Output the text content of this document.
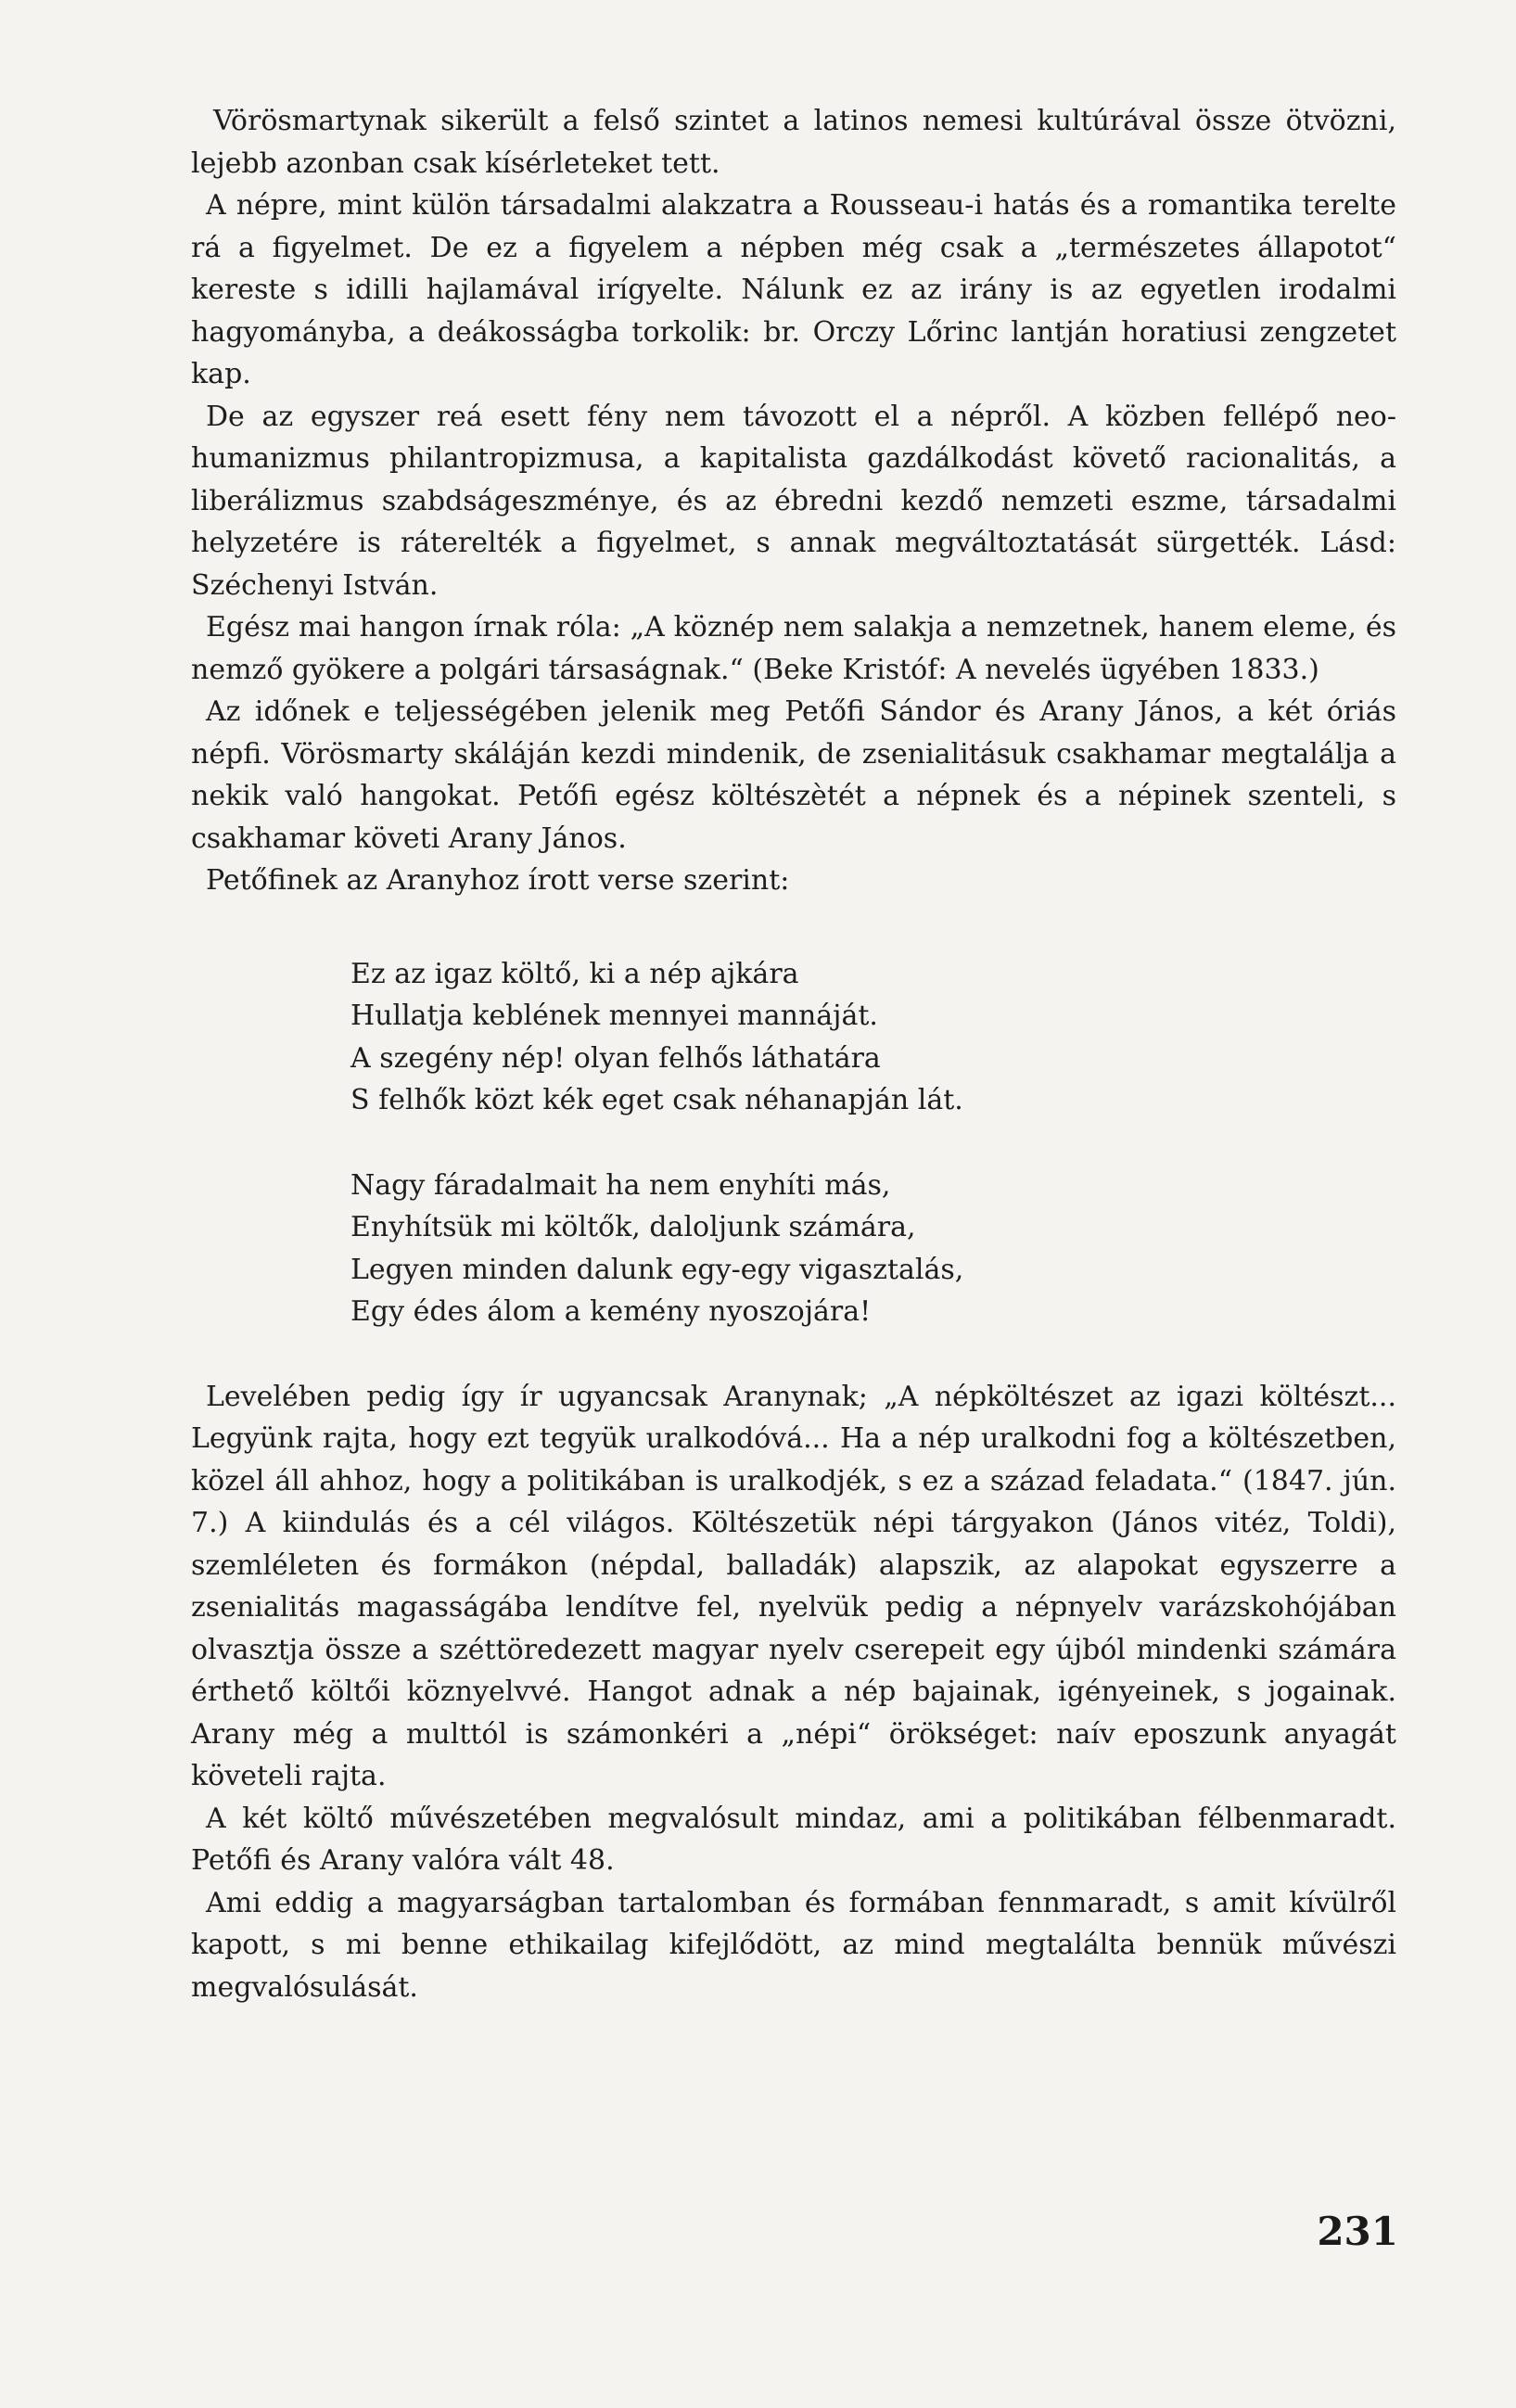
Vörösmartynak sikerült a felső szintet a latinos nemesi kultúrával össze ötvözni, lejebb azonban csak kísérleteket tett.

A népre, mint külön társadalmi alakzatra a Rousseau-i hatás és a romantika terelte rá a figyelmet. De ez a figyelem a népben még csak a „természetes állapotot“ kereste s idilli hajlamával irígyelte. Nálunk ez az irány is az egyetlen irodalmi hagyományba, a deákosságba torkolik: br. Orczy Lőrinc lantján horatiusi zengzetet kap.

De az egyszer reá esett fény nem távozott el a népről. A közben fellépő neo-humanizmus philantropizmusa, a kapitalista gazdálkodást követő racionalitás, a liberálizmus szabdságeszménye, és az ébredni kezdő nemzeti eszme, társadalmi helyzetére is ráterelték a figyelmet, s annak megváltoztatását sürgették. Lásd: Széchenyi István.

Egész mai hangon írnak róla: „A köznép nem salakja a nemzetnek, hanem eleme, és nemző gyökere a polgári társaságnak.“ (Beke Kristóf: A nevelés ügyében 1833.)

Az időnek e teljességében jelenik meg Petőfi Sándor és Arany János, a két óriás népfi. Vörösmarty skáláján kezdi mindenik, de zsenialitásuk csakhamar megtalálja a nekik való hangokat. Petőfi egész költészètét a népnek és a népinek szenteli, s csakhamar követi Arany János.

Petőfinek az Aranyhoz írott verse szerint:

Ez az igaz költő, ki a nép ajkára
Hullatja keblének mennyei mannáját.
A szegény nép! olyan felhős láthatára
S felhők közt kék eget csak néhanapján lát.
Nagy fáradalmait ha nem enyhíti más,
Enyhítsük mi költők, daloljunk számára,
Legyen minden dalunk egy-egy vigasztalás,
Egy édes álom a kemény nyoszojára!

Levelében pedig így ír ugyancsak Aranynak; „A népköltészet az igazi költészt... Legyünk rajta, hogy ezt tegyük uralkodóvá... Ha a nép uralkodni fog a költészetben, közel áll ahhoz, hogy a politikában is uralkodjék, s ez a század feladata.“ (1847. jún. 7.) A kiindulás és a cél világos. Költészetük népi tárgyakon (János vitéz, Toldi), szemléleten és formákon (népdal, balladák) alapszik, az alapokat egyszerre a zsenialitás magasságába lendítve fel, nyelvük pedig a népnyelv varázskohójában olvasztja össze a széttöredezett magyar nyelv cserepeit egy újból mindenki számára érthető költői köznyelvvé. Hangot adnak a nép bajainak, igényeinek, s jogainak. Arany még a multtól is számonkéri a „népi“ örökséget: naív eposzunk anyagát követeli rajta.

A két költő művészetében megvalósult mindaz, ami a politikában félbenmaradt. Petőfi és Arany valóra vált 48.

Ami eddig a magyarságban tartalomban és formában fennmaradt, s amit kívülről kapott, s mi benne ethikailag kifejlődött, az mind megtalálta bennük művészi megvalósulását.

231
